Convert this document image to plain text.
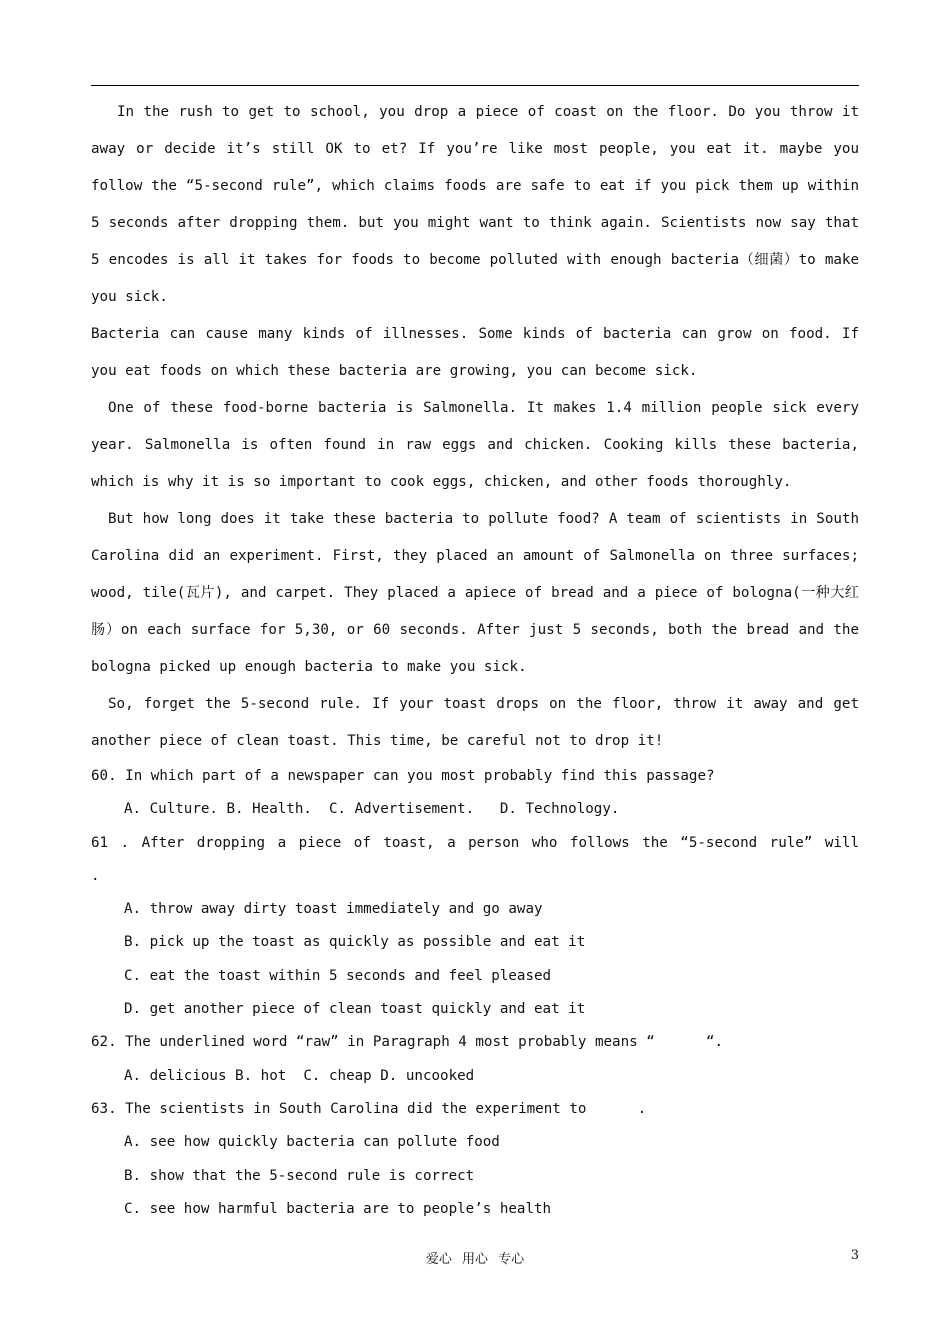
In the rush to get to school, you drop a piece of coast on the floor. Do you throw it away or decide it’s still OK to et? If you’re like most people, you eat it. maybe you follow the “5-second rule”, which claims foods are safe to eat if you pick them up within 5 seconds after dropping them. but you might want to think again. Scientists now say that 5 encodes is all it takes for foods to become polluted with enough bacteria（细菌）to make you sick.

Bacteria can cause many kinds of illnesses. Some kinds of bacteria can grow on food. If you eat foods on which these bacteria are growing, you can become sick.

One of these food-borne bacteria is Salmonella. It makes 1.4 million people sick every year. Salmonella is often found in raw eggs and chicken. Cooking kills these bacteria, which is why it is so important to cook eggs, chicken, and other foods thoroughly.

But how long does it take these bacteria to pollute food? A team of scientists in South Carolina did an experiment. First, they placed an amount of Salmonella on three surfaces; wood, tile(瓦片), and carpet. They placed a apiece of bread and a piece of bologna(一种大红肠）on each surface for 5,30, or 60 seconds. After just 5 seconds, both the bread and the bologna picked up enough bacteria to make you sick.

So, forget the 5-second rule. If your toast drops on the floor, throw it away and get another piece of clean toast. This time, be careful not to drop it!

60. In which part of a newspaper can you most probably find this passage?

A. Culture. B. Health.  C. Advertisement.   D. Technology.

61 . After dropping a piece of toast, a person who follows the “5-second rule” will

.

A. throw away dirty toast immediately and go away

B. pick up the toast as quickly as possible and eat it

C. eat the toast within 5 seconds and feel pleased

D. get another piece of clean toast quickly and eat it

62. The underlined word “raw” in Paragraph 4 most probably means “      “.

A. delicious B. hot  C. cheap D. uncooked

63. The scientists in South Carolina did the experiment to      .

A. see how quickly bacteria can pollute food

B. show that the 5-second rule is correct

C. see how harmful bacteria are to people’s health

爱心 用心 专心	3
